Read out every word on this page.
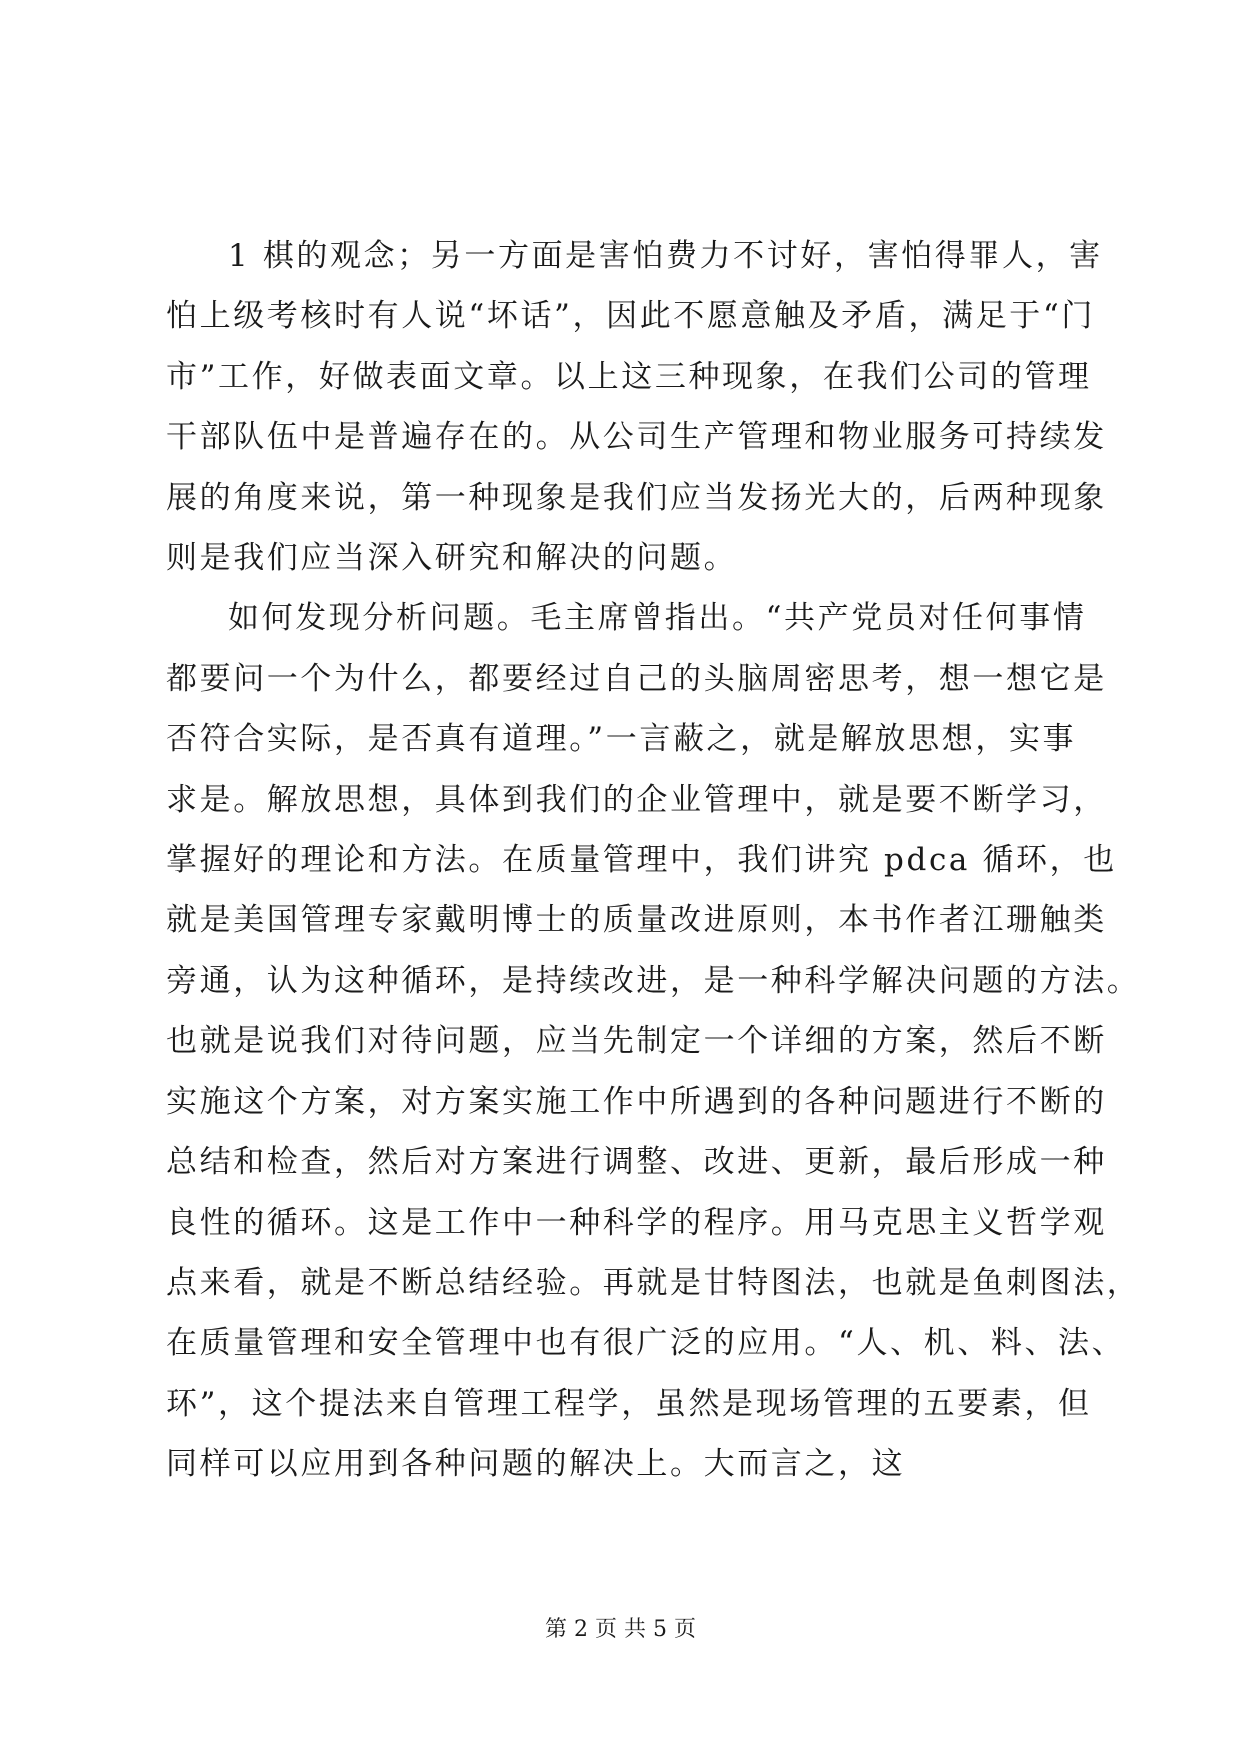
1 棋的观念；另一方面是害怕费力不讨好，害怕得罪人，害
怕上级考核时有人说“坏话”，因此不愿意触及矛盾，满足于“门
市”工作，好做表面文章。以上这三种现象，在我们公司的管理
干部队伍中是普遍存在的。从公司生产管理和物业服务可持续发
展的角度来说，第一种现象是我们应当发扬光大的，后两种现象
则是我们应当深入研究和解决的问题。

如何发现分析问题。毛主席曾指出。“共产党员对任何事情
都要问一个为什么，都要经过自己的头脑周密思考，想一想它是
否符合实际，是否真有道理。”一言蔽之，就是解放思想，实事
求是。解放思想，具体到我们的企业管理中，就是要不断学习，
掌握好的理论和方法。在质量管理中，我们讲究 pdca 循环，也
就是美国管理专家戴明博士的质量改进原则，本书作者江珊触类
旁通，认为这种循环，是持续改进，是一种科学解决问题的方法。
也就是说我们对待问题，应当先制定一个详细的方案，然后不断
实施这个方案，对方案实施工作中所遇到的各种问题进行不断的
总结和检查，然后对方案进行调整、改进、更新，最后形成一种
良性的循环。这是工作中一种科学的程序。用马克思主义哲学观
点来看，就是不断总结经验。再就是甘特图法，也就是鱼刺图法，
在质量管理和安全管理中也有很广泛的应用。“人、机、料、法、
环”，这个提法来自管理工程学，虽然是现场管理的五要素，但
同样可以应用到各种问题的解决上。大而言之，这

第 2 页 共 5 页
